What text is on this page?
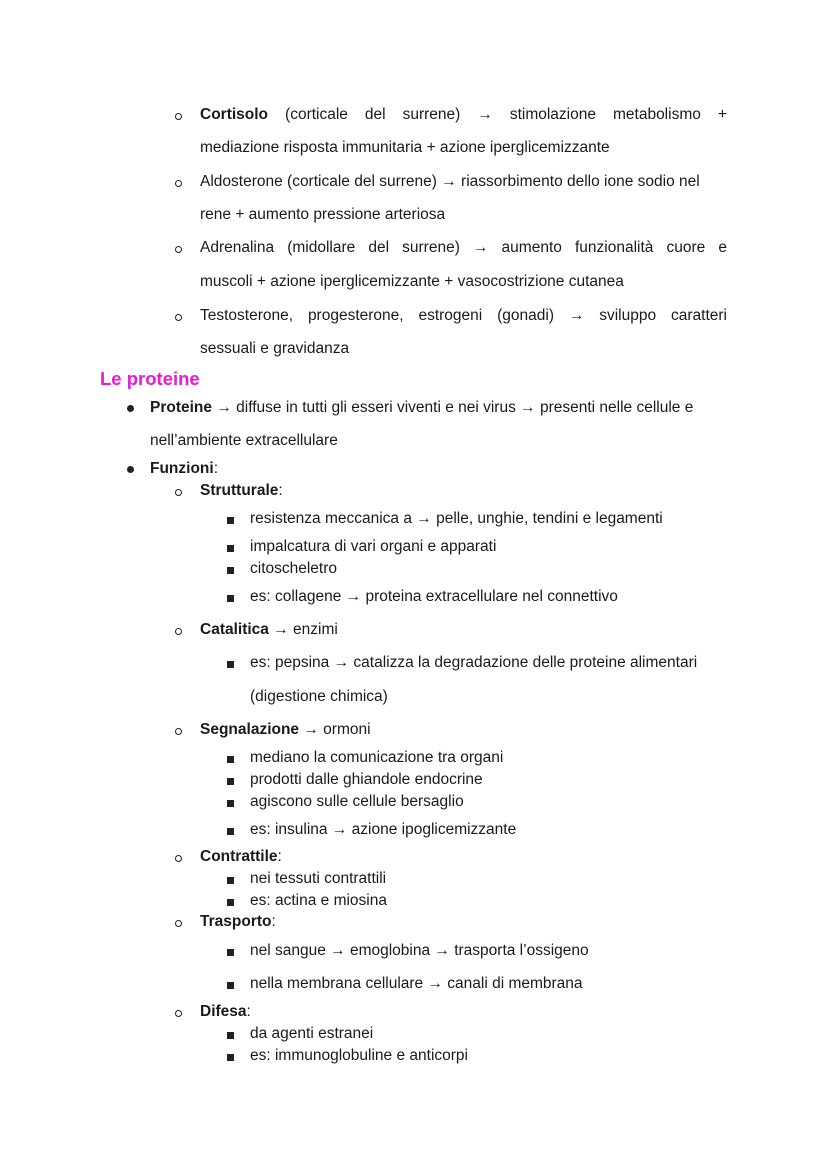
Cortisolo (corticale del surrene) → stimolazione metabolismo +
mediazione risposta immunitaria + azione iperglicemizzante
Aldosterone (corticale del surrene) → riassorbimento dello ione sodio nel
rene + aumento pressione arteriosa
Adrenalina (midollare del surrene) → aumento funzionalità cuore e
muscoli + azione iperglicemizzante + vasocostrizione cutanea
Testosterone, progesterone, estrogeni (gonadi) → sviluppo caratteri
sessuali e gravidanza
Le proteine
Proteine → diffuse in tutti gli esseri viventi e nei virus → presenti nelle cellule e
nell’ambiente extracellulare
Funzioni:
Strutturale:
resistenza meccanica a → pelle, unghie, tendini e legamenti
impalcatura di vari organi e apparati
citoscheletro
es: collagene → proteina extracellulare nel connettivo
Catalitica → enzimi
es: pepsina → catalizza la degradazione delle proteine alimentari
(digestione chimica)
Segnalazione → ormoni
mediano la comunicazione tra organi
prodotti dalle ghiandole endocrine
agiscono sulle cellule bersaglio
es: insulina → azione ipoglicemizzante
Contrattile:
nei tessuti contrattili
es: actina e miosina
Trasporto:
nel sangue → emoglobina → trasporta l’ossigeno
nella membrana cellulare → canali di membrana
Difesa:
da agenti estranei
es: immunoglobuline e anticorpi
